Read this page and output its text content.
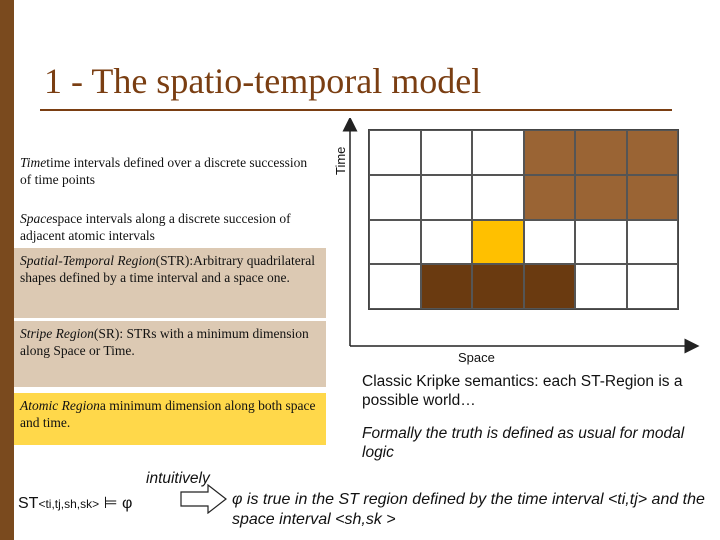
1 - The spatio-temporal model
Timetime intervals defined over a discrete succession of time points
Spacespace intervals along a discrete succesion of adjacent atomic intervals
Spatial-Temporal Region(STR):Arbitrary quadrilateral shapes defined by a time interval and a space one.
Stripe Region(SR): STRs with a minimum dimension along Space or Time.
Atomic Regiona minimum dimension along both space and time.
Time
Space
Classic Kripke semantics: each ST-Region is a possible world…
Formally the truth is defined as usual for modal logic
intuitively
ST<ti,tj,sh,sk> ⊨ φ	φ is true in the ST region defined by the time interval <ti,tj> and the space interval <sh,sk >
